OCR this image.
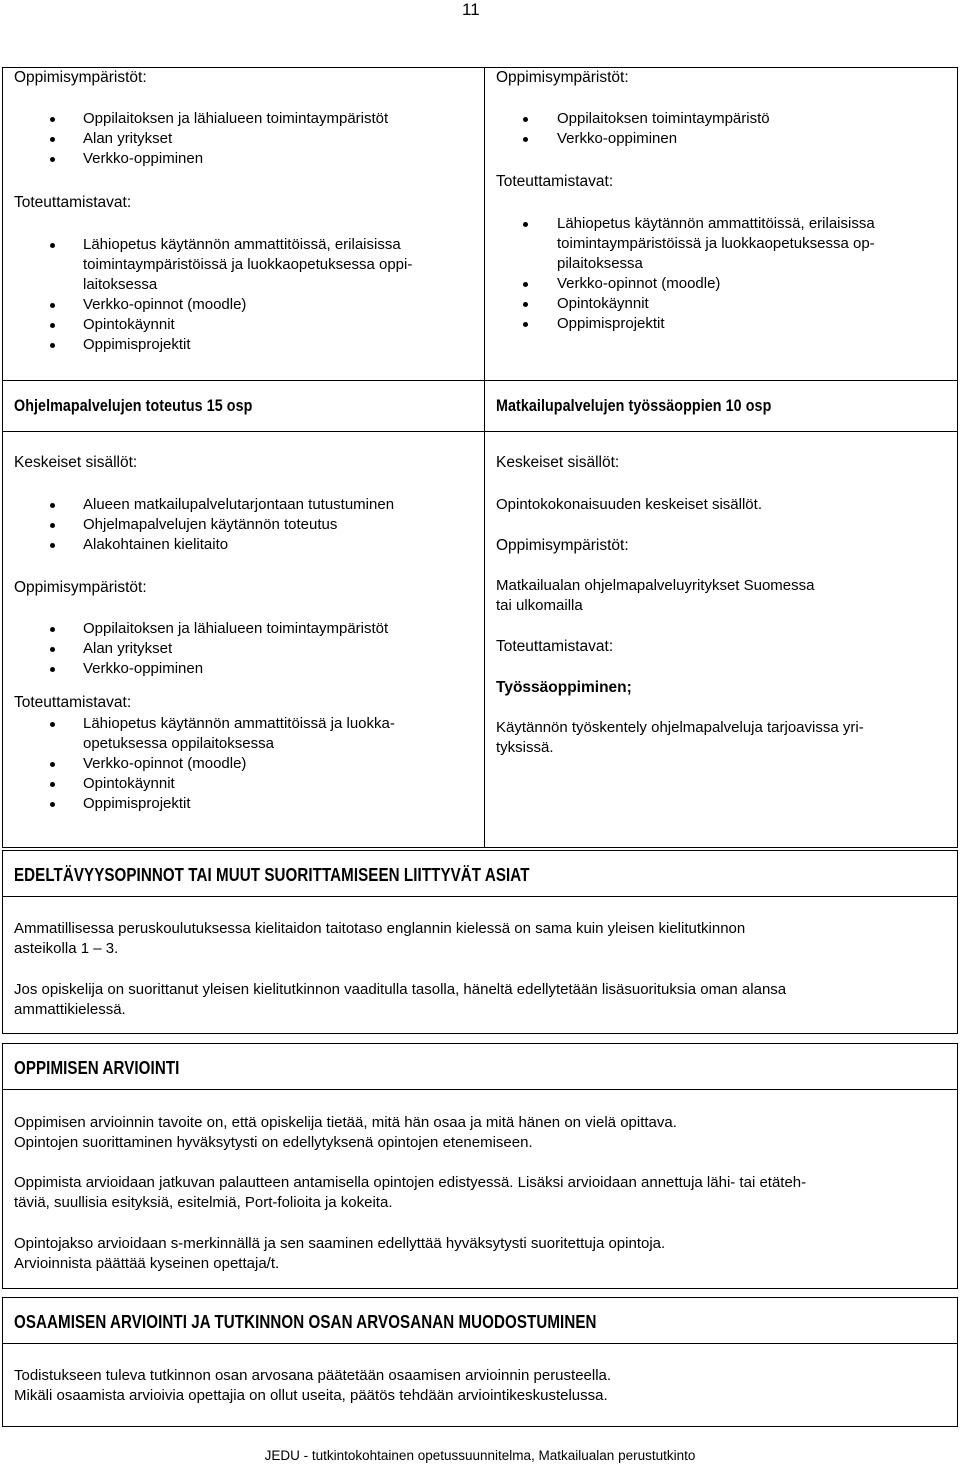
11
Oppimisympäristöt:
Oppilaitoksen ja lähialueen toimintaympäristöt
Alan yritykset
Verkko-oppiminen
Toteuttamistavat:
Lähiopetus käytännön ammattitöissä, erilaisissa toimintaympäristöissä ja luokkaopetuksessa oppi-laitoksessa
Verkko-opinnot (moodle)
Opintokäynnit
Oppimisprojektit
Oppimisympäristöt:
Oppilaitoksen toimintaympäristö
Verkko-oppiminen
Toteuttamistavat:
Lähiopetus käytännön ammattitöissä, erilaisissa toimintaympäristöissä ja luokkaopetuksessa op-pilaitoksessa
Verkko-opinnot (moodle)
Opintokäynnit
Oppimisprojektit
Ohjelmapalvelujen toteutus 15 osp	Matkailupalvelujen työssäoppien 10 osp
Keskeiset sisällöt:
Alueen matkailupalvelutarjontaan tutustuminen
Ohjelmapalvelujen käytännön toteutus
Alakohtainen kielitaito
Oppimisympäristöt:
Oppilaitoksen ja lähialueen toimintaympäristöt
Alan yritykset
Verkko-oppiminen
Toteuttamistavat:
Lähiopetus käytännön ammattitöissä ja luokka-opetuksessa oppilaitoksessa
Verkko-opinnot (moodle)
Opintokäynnit
Oppimisprojektit
Keskeiset sisällöt:
Opintokokonaisuuden keskeiset sisällöt.
Oppimisympäristöt:
Matkailualan ohjelmapalveluyritykset Suomessa
tai ulkomailla
Toteuttamistavat:
Työssäoppiminen;
Käytännön työskentely ohjelmapalveluja tarjoavissa yri-
tyksissä.
EDELTÄVYYSOPINNOT TAI MUUT SUORITTAMISEEN LIITTYVÄT ASIAT
Ammatillisessa peruskoulutuksessa kielitaidon taitotaso englannin kielessä on sama kuin yleisen kielitutkinnon
asteikolla 1 – 3.
Jos opiskelija on suorittanut yleisen kielitutkinnon vaaditulla tasolla, häneltä edellytetään lisäsuorituksia oman alansa
ammattikielessä.
OPPIMISEN ARVIOINTI
Oppimisen arvioinnin tavoite on, että opiskelija tietää, mitä hän osaa ja mitä hänen on vielä opittava.
Opintojen suorittaminen hyväksytysti on edellytyksenä opintojen etenemiseen.
Oppimista arvioidaan jatkuvan palautteen antamisella opintojen edistyessä. Lisäksi arvioidaan annettuja lähi- tai etäteh-
täviä, suullisia esityksiä, esitelmiä, Port-folioita ja kokeita.
Opintojakso arvioidaan s-merkinnällä ja sen saaminen edellyttää hyväksytysti suoritettuja opintoja.
Arvioinnista päättää kyseinen opettaja/t.
OSAAMISEN ARVIOINTI JA TUTKINNON OSAN ARVOSANAN MUODOSTUMINEN
Todistukseen tuleva tutkinnon osan arvosana päätetään osaamisen arvioinnin perusteella.
Mikäli osaamista arvioivia opettajia on ollut useita, päätös tehdään arviointikeskustelussa.
JEDU - tutkintokohtainen opetussuunnitelma, Matkailualan perustutkinto
